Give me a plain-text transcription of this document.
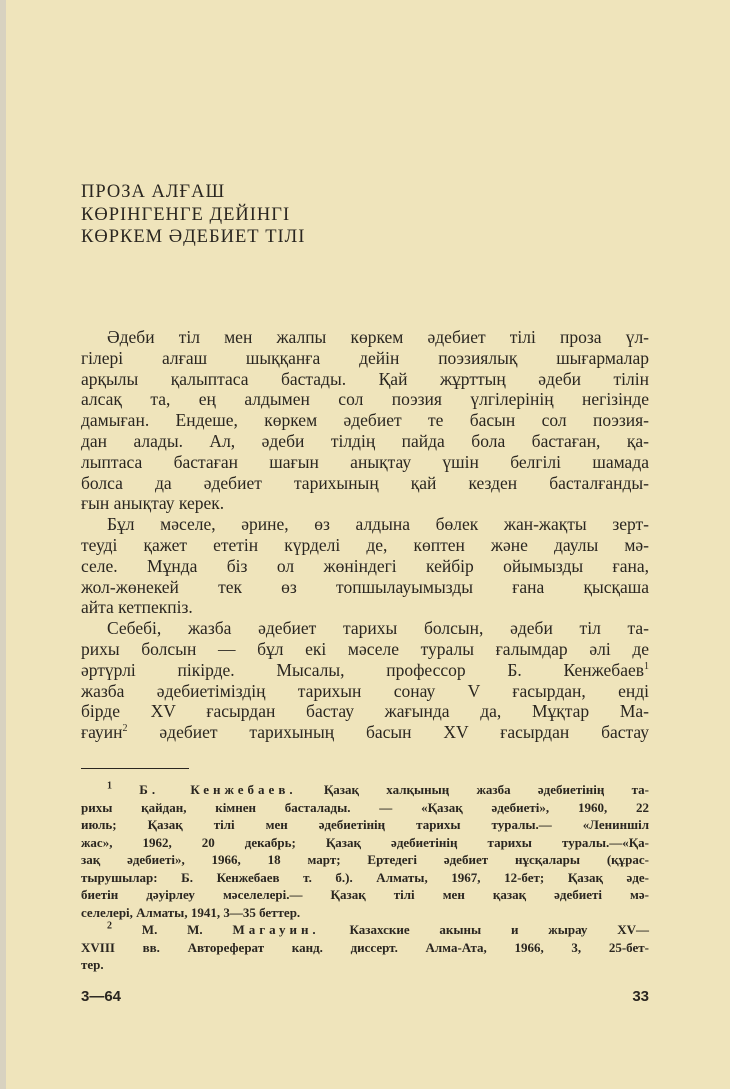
ПРОЗА АЛҒАШ
КӨРІНГЕНГЕ ДЕЙІНГІ
КӨРКЕМ ӘДЕБИЕТ ТІЛІ
Әдеби тіл мен жалпы көркем әдебиет тілі проза үл-
гілері алғаш шыққанға дейін поэзиялық шығармалар
арқылы қалыптаса бастады. Қай жұрттың әдеби тілін
алсақ та, ең алдымен сол поэзия үлгілерінің негізінде
дамыған. Ендеше, көркем әдебиет те басын сол поэзия-
дан алады. Ал, әдеби тілдің пайда бола бастаған, қа-
лыптаса бастаған шағын анықтау үшін белгілі шамада
болса да әдебиет тарихының қай кезден басталғанды-
ғын анықтау керек.
Бұл мәселе, әрине, өз алдына бөлек жан-жақты зерт-
теуді қажет ететін күрделі де, көптен және даулы мә-
селе. Мұнда біз ол жөніндегі кейбір ойымызды ғана,
жол-жөнекей тек өз топшылауымызды ғана қысқаша
айта кетпекпіз.
Себебі, жазба әдебиет тарихы болсын, әдеби тіл та-
рихы болсын — бұл екі мәселе туралы ғалымдар әлі де
әртүрлі пікірде. Мысалы, профессор Б. Кенжебаев$^1$
жазба әдебиетіміздің тарихын сонау V ғасырдан, енді
бірде XV ғасырдан бастау жағында да, Мұқтар Ма-
ғауин$^2$ әдебиет тарихының басын XV ғасырдан бастау
$^1$ Б. Кенжебаев. Қазақ халқының жазба әдебиетінің та-
рихы қайдан, кімнен басталады. — «Қазақ әдебиеті», 1960, 22
июль; Қазақ тілі мен әдебиетінің тарихы туралы.— «Лениншіл
жас», 1962, 20 декабрь; Қазақ әдебиетінің тарихы туралы.—«Қа-
зақ әдебиеті», 1966, 18 март; Ертедегі әдебиет нұсқалары (құрас-
тырушылар: Б. Кенжебаев т. б.). Алматы, 1967, 12-бет; Қазақ әде-
биетін дәуірлеу мәселелері.— Қазақ тілі мен қазақ әдебиеті мә-
селелері, Алматы, 1941, 3—35 беттер.
$^2$ М. М. Магауин. Казахские акыны и жырау XV—
XVIII вв. Автореферат канд. диссерт. Алма-Ата, 1966, 3, 25-бет-
тер.
3—64	33
